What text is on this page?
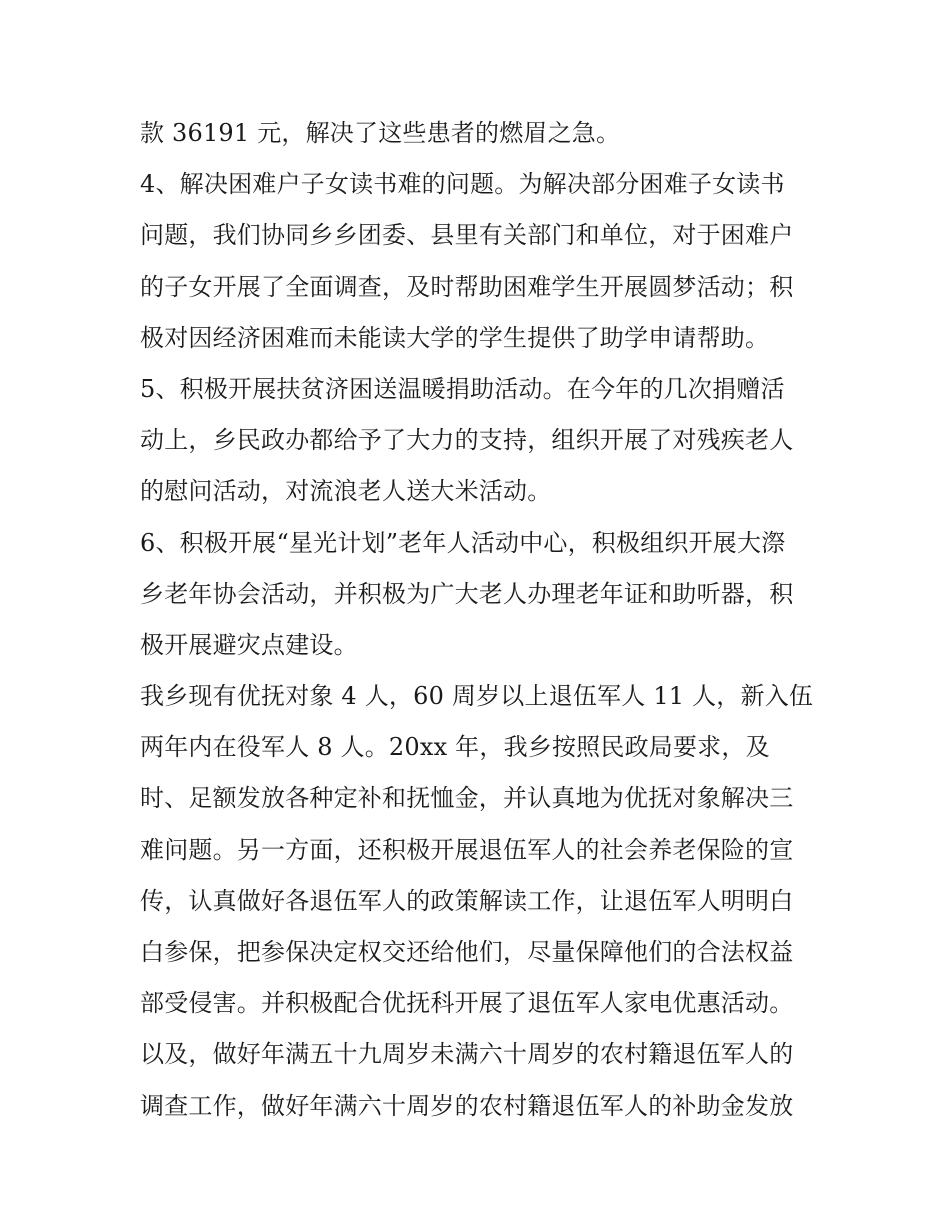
款 36191 元，解决了这些患者的燃眉之急。
4、解决困难户子女读书难的问题。为解决部分困难子女读书
问题，我们协同乡乡团委、县里有关部门和单位，对于困难户
的子女开展了全面调查，及时帮助困难学生开展圆梦活动；积
极对因经济困难而未能读大学的学生提供了助学申请帮助。
5、积极开展扶贫济困送温暖捐助活动。在今年的几次捐赠活
动上，乡民政办都给予了大力的支持，组织开展了对残疾老人
的慰问活动，对流浪老人送大米活动。
6、积极开展“星光计划”老年人活动中心，积极组织开展大漈
乡老年协会活动，并积极为广大老人办理老年证和助听器，积
极开展避灾点建设。
我乡现有优抚对象 4 人，60 周岁以上退伍军人 11 人，新入伍
两年内在役军人 8 人。20xx 年，我乡按照民政局要求，及
时、足额发放各种定补和抚恤金，并认真地为优抚对象解决三
难问题。另一方面，还积极开展退伍军人的社会养老保险的宣
传，认真做好各退伍军人的政策解读工作，让退伍军人明明白
白参保，把参保决定权交还给他们，尽量保障他们的合法权益
部受侵害。并积极配合优抚科开展了退伍军人家电优惠活动。
以及，做好年满五十九周岁未满六十周岁的农村籍退伍军人的
调查工作，做好年满六十周岁的农村籍退伍军人的补助金发放
